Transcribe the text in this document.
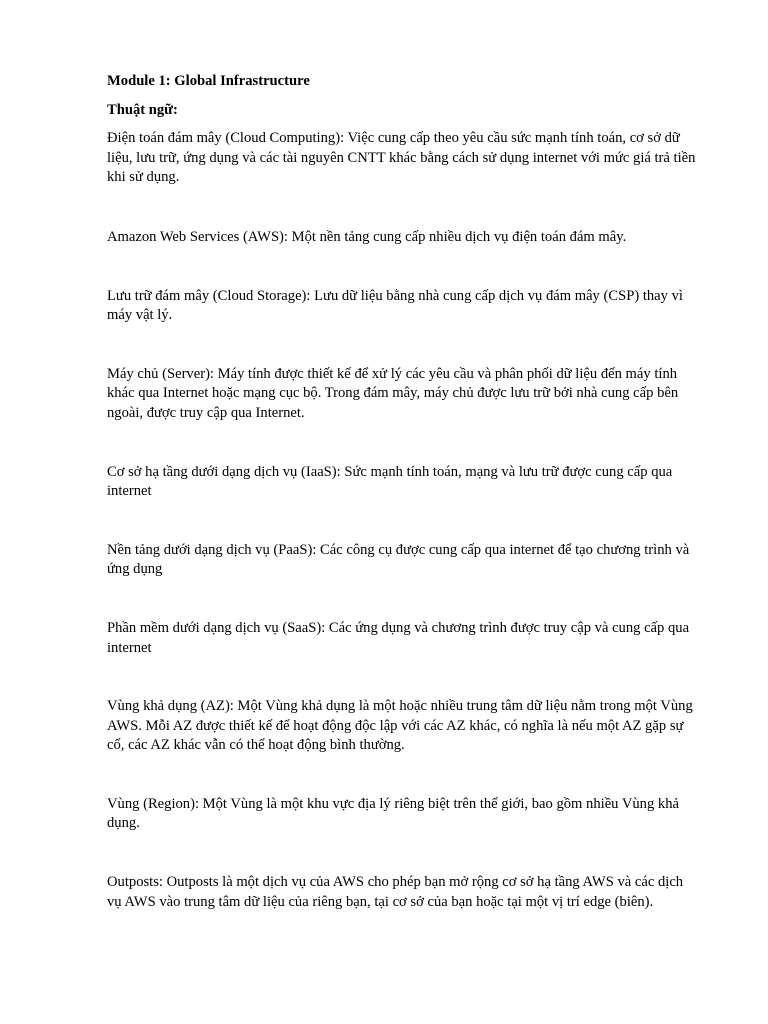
Module 1: Global Infrastructure
Thuật ngữ:
Điện toán đám mây (Cloud Computing): Việc cung cấp theo yêu cầu sức mạnh tính toán, cơ sở dữ liệu, lưu trữ, ứng dụng và các tài nguyên CNTT khác bằng cách sử dụng internet với mức giá trả tiền khi sử dụng.
Amazon Web Services (AWS): Một nền tảng cung cấp nhiều dịch vụ điện toán đám mây.
Lưu trữ đám mây (Cloud Storage): Lưu dữ liệu bằng nhà cung cấp dịch vụ đám mây (CSP) thay vì máy vật lý.
Máy chủ (Server): Máy tính được thiết kế để xử lý các yêu cầu và phân phối dữ liệu đến máy tính khác qua Internet hoặc mạng cục bộ. Trong đám mây, máy chủ được lưu trữ bởi nhà cung cấp bên ngoài, được truy cập qua Internet.
Cơ sở hạ tầng dưới dạng dịch vụ (IaaS): Sức mạnh tính toán, mạng và lưu trữ được cung cấp qua internet
Nền tảng dưới dạng dịch vụ (PaaS): Các công cụ được cung cấp qua internet để tạo chương trình và ứng dụng
Phần mềm dưới dạng dịch vụ (SaaS): Các ứng dụng và chương trình được truy cập và cung cấp qua internet
Vùng khả dụng (AZ): Một Vùng khả dụng là một hoặc nhiều trung tâm dữ liệu nằm trong một Vùng AWS. Mỗi AZ được thiết kế để hoạt động độc lập với các AZ khác, có nghĩa là nếu một AZ gặp sự cố, các AZ khác vẫn có thể hoạt động bình thường.
Vùng (Region): Một Vùng là một khu vực địa lý riêng biệt trên thế giới, bao gồm nhiều Vùng khả dụng.
Outposts: Outposts là một dịch vụ của AWS cho phép bạn mở rộng cơ sở hạ tầng AWS và các dịch vụ AWS vào trung tâm dữ liệu của riêng bạn, tại cơ sở của bạn hoặc tại một vị trí edge (biên).
